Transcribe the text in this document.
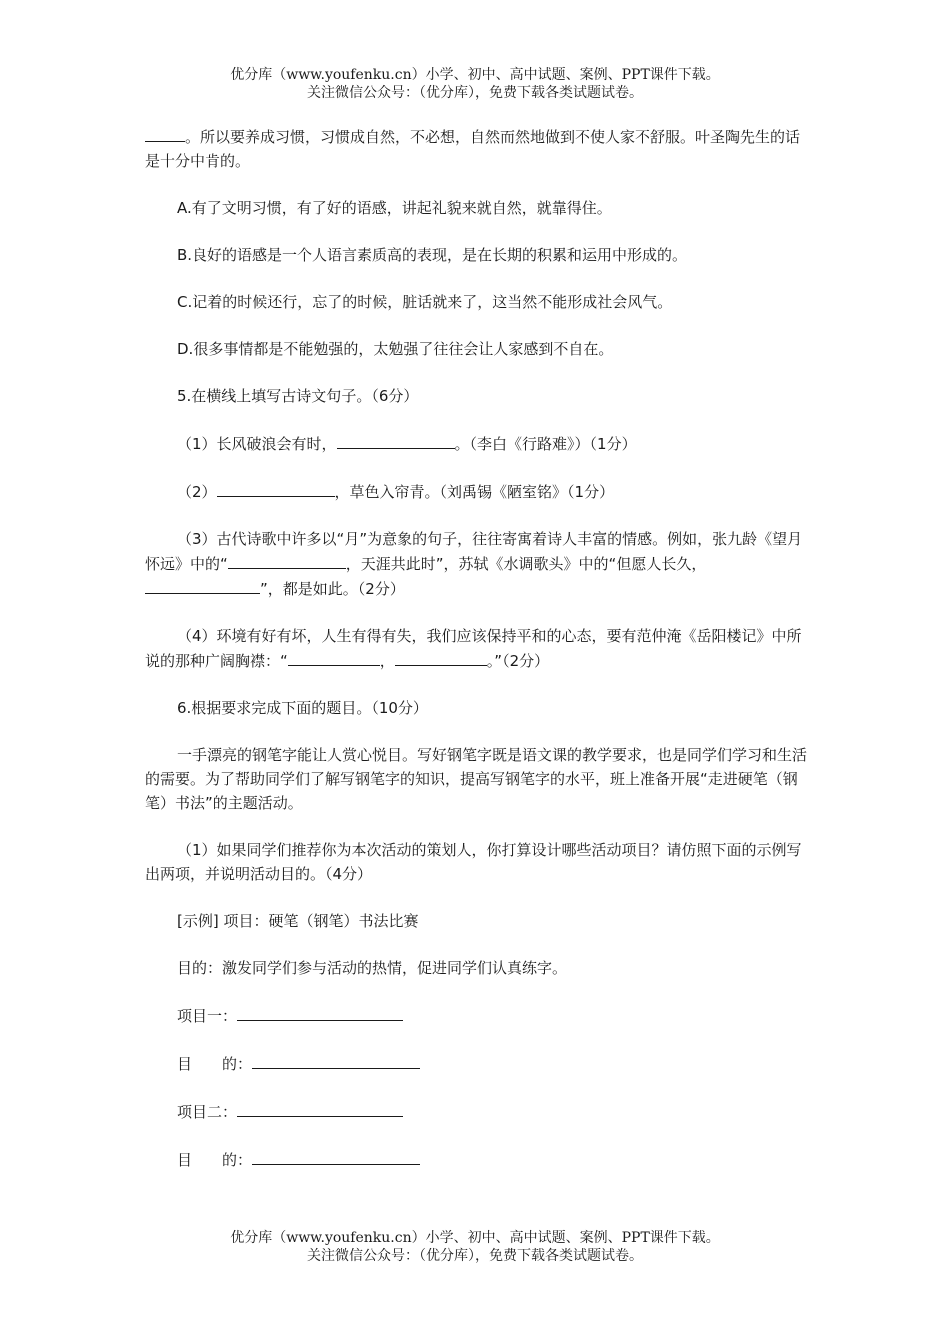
优分库（www.youfenku.cn）小学、初中、高中试题、案例、PPT课件下载。
关注微信公众号：（优分库），免费下载各类试题试卷。

。所以要养成习惯，习惯成自然，不必想，自然而然地做到不使人家不舒服。叶圣陶先生的话是十分中肯的。

A.有了文明习惯，有了好的语感，讲起礼貌来就自然，就靠得住。

B.良好的语感是一个人语言素质高的表现，是在长期的积累和运用中形成的。

C.记着的时候还行，忘了的时候，脏话就来了，这当然不能形成社会风气。

D.很多事情都是不能勉强的，太勉强了往往会让人家感到不自在。

5.在横线上填写古诗文句子。（6分）

（1）长风破浪会有时，	。（李白《行路难》）（1分）

（2）	，草色入帘青。（刘禹锡《陋室铭》（1分）

（3）古代诗歌中许多以“月”为意象的句子，往往寄寓着诗人丰富的情感。例如，张九龄《望月怀远》中的“	，天涯共此时”，苏轼《水调歌头》中的“但愿人长久，”，都是如此。（2分）

（4）环境有好有坏，人生有得有失，我们应该保持平和的心态，要有范仲淹《岳阳楼记》中所说的那种广阔胸襟：“	，	。”（2分）

6.根据要求完成下面的题目。（10分）

一手漂亮的钢笔字能让人赏心悦目。写好钢笔字既是语文课的教学要求，也是同学们学习和生活的需要。为了帮助同学们了解写钢笔字的知识，提高写钢笔字的水平，班上准备开展“走进硬笔（钢笔）书法”的主题活动。

（1）如果同学们推荐你为本次活动的策划人，你打算设计哪些活动项目？请仿照下面的示例写出两项，并说明活动目的。（4分）

[示例] 项目：硬笔（钢笔）书法比赛

目的：激发同学们参与活动的热情，促进同学们认真练字。

项目一：

目 的：

项目二：

目 的：

优分库（www.youfenku.cn）小学、初中、高中试题、案例、PPT课件下载。
关注微信公众号：（优分库），免费下载各类试题试卷。
